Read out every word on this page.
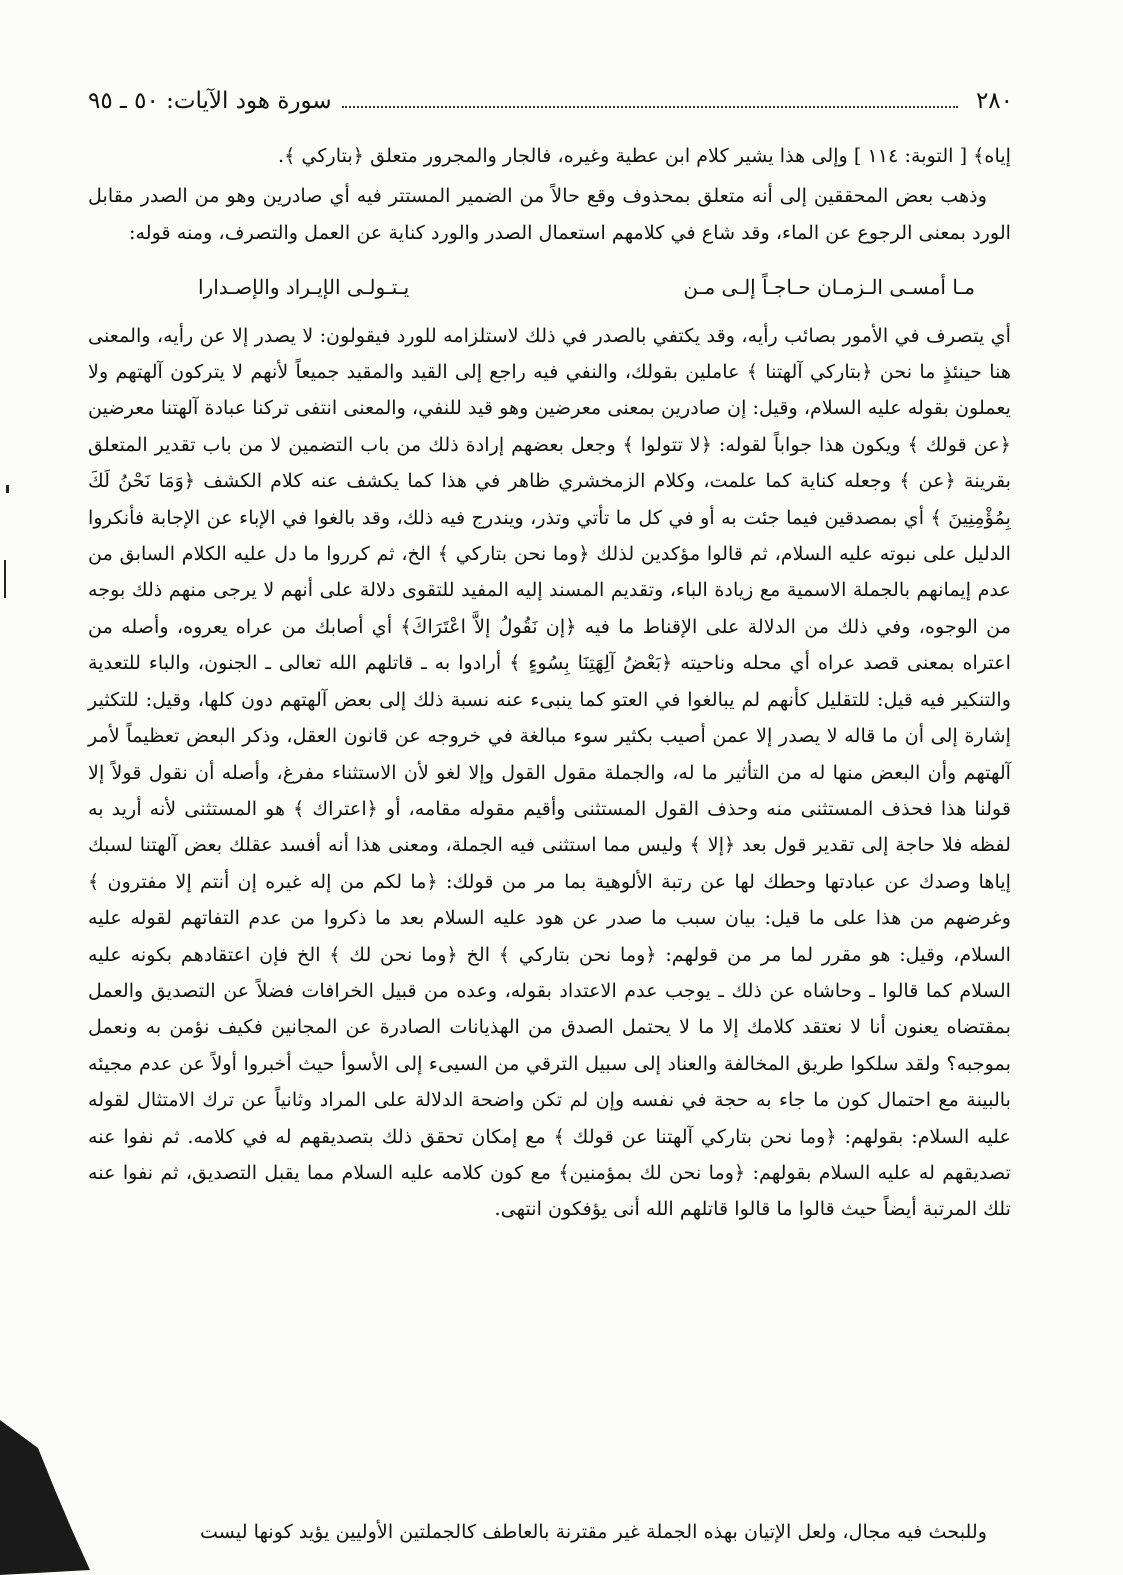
٢٨٠
سورة هود الآيات: ٥٠ ـ ٩٥

إياه﴾ [ التوبة: ١١٤ ] وإلى هذا يشير كلام ابن عطية وغيره، فالجار والمجرور متعلق ﴿بتاركي ﴾.

وذهب بعض المحققين إلى أنه متعلق بمحذوف وقع حالاً من الضمير المستتر فيه أي صادرين وهو من الصدر مقابل الورد بمعنى الرجوع عن الماء، وقد شاع في كلامهم استعمال الصدر والورد كناية عن العمل والتصرف، ومنه قوله:

مـا أمسـى الـزمـان حـاجـاً إلـى مـن
يـتـولـى الإيـراد والإصـدارا

أي يتصرف في الأمور بصائب رأيه، وقد يكتفي بالصدر في ذلك لاستلزامه للورد فيقولون: لا يصدر إلا عن رأيه، والمعنى هنا حينئذٍ ما نحن ﴿بتاركي آلهتنا ﴾ عاملين بقولك، والنفي فيه راجع إلى القيد والمقيد جميعاً لأنهم لا يتركون آلهتهم ولا يعملون بقوله عليه السلام، وقيل: إن صادرين بمعنى معرضين وهو قيد للنفي، والمعنى انتفى تركنا عبادة آلهتنا معرضين ﴿عن قولك ﴾ ويكون هذا جواباً لقوله: ﴿لا تتولوا ﴾ وجعل بعضهم إرادة ذلك من باب التضمين لا من باب تقدير المتعلق بقرينة ﴿عن ﴾ وجعله كناية كما علمت، وكلام الزمخشري ظاهر في هذا كما يكشف عنه كلام الكشف ﴿وَمَا نَحْنُ لَكَ بِمُؤْمِنِينَ ﴾ أي بمصدقين فيما جئت به أو في كل ما تأتي وتذر، ويندرج فيه ذلك، وقد بالغوا في الإباء عن الإجابة فأنكروا الدليل على نبوته عليه السلام، ثم قالوا مؤكدين لذلك ﴿وما نحن بتاركي ﴾ الخ، ثم كرروا ما دل عليه الكلام السابق من عدم إيمانهم بالجملة الاسمية مع زيادة الباء، وتقديم المسند إليه المفيد للتقوى دلالة على أنهم لا يرجى منهم ذلك بوجه من الوجوه، وفي ذلك من الدلالة على الإقناط ما فيه ﴿إن نَقُولُ إلاَّ اعْتَرَاكَ﴾ أي أصابك من عراه يعروه، وأصله من اعتراه بمعنى قصد عراه أي محله وناحيته ﴿بَعْضُ آلِهَتِنَا بِسُوءٍ ﴾ أرادوا به ـ قاتلهم الله تعالى ـ الجنون، والباء للتعدية والتنكير فيه قيل: للتقليل كأنهم لم يبالغوا في العتو كما ينبىء عنه نسبة ذلك إلى بعض آلهتهم دون كلها، وقيل: للتكثير إشارة إلى أن ما قاله لا يصدر إلا عمن أصيب بكثير سوء مبالغة في خروجه عن قانون العقل، وذكر البعض تعظيماً لأمر آلهتهم وأن البعض منها له من التأثير ما له، والجملة مقول القول وإلا لغو لأن الاستثناء مفرغ، وأصله أن نقول قولاً إلا قولنا هذا فحذف المستثنى منه وحذف القول المستثنى وأقيم مقوله مقامه، أو ﴿اعتراك ﴾ هو المستثنى لأنه أريد به لفظه فلا حاجة إلى تقدير قول بعد ﴿إلا ﴾ وليس مما استثنى فيه الجملة، ومعنى هذا أنه أفسد عقلك بعض آلهتنا لسبك إياها وصدك عن عبادتها وحطك لها عن رتبة الألوهية بما مر من قولك: ﴿ما لكم من إله غيره إن أنتم إلا مفترون ﴾ وغرضهم من هذا على ما قيل: بيان سبب ما صدر عن هود عليه السلام بعد ما ذكروا من عدم التفاتهم لقوله عليه السلام، وقيل: هو مقرر لما مر من قولهم: ﴿وما نحن بتاركي ﴾ الخ ﴿وما نحن لك ﴾ الخ فإن اعتقادهم بكونه عليه السلام كما قالوا ـ وحاشاه عن ذلك ـ يوجب عدم الاعتداد بقوله، وعده من قبيل الخرافات فضلاً عن التصديق والعمل بمقتضاه يعنون أنا لا نعتقد كلامك إلا ما لا يحتمل الصدق من الهذيانات الصادرة عن المجانين فكيف نؤمن به ونعمل بموجبه؟ ولقد سلكوا طريق المخالفة والعناد إلى سبيل الترقي من السيىء إلى الأسوأ حيث أخبروا أولاً عن عدم مجيئه بالبينة مع احتمال كون ما جاء به حجة في نفسه وإن لم تكن واضحة الدلالة على المراد وثانياً عن ترك الامتثال لقوله عليه السلام: بقولهم: ﴿وما نحن بتاركي آلهتنا عن قولك ﴾ مع إمكان تحقق ذلك بتصديقهم له في كلامه. ثم نفوا عنه تصديقهم له عليه السلام بقولهم: ﴿وما نحن لك بمؤمنين﴾ مع كون كلامه عليه السلام مما يقبل التصديق، ثم نفوا عنه تلك المرتبة أيضاً حيث قالوا ما قالوا قاتلهم الله أنى يؤفكون انتهى.

وللبحث فيه مجال، ولعل الإتيان بهذه الجملة غير مقترنة بالعاطف كالجملتين الأوليين يؤيد كونها ليست
